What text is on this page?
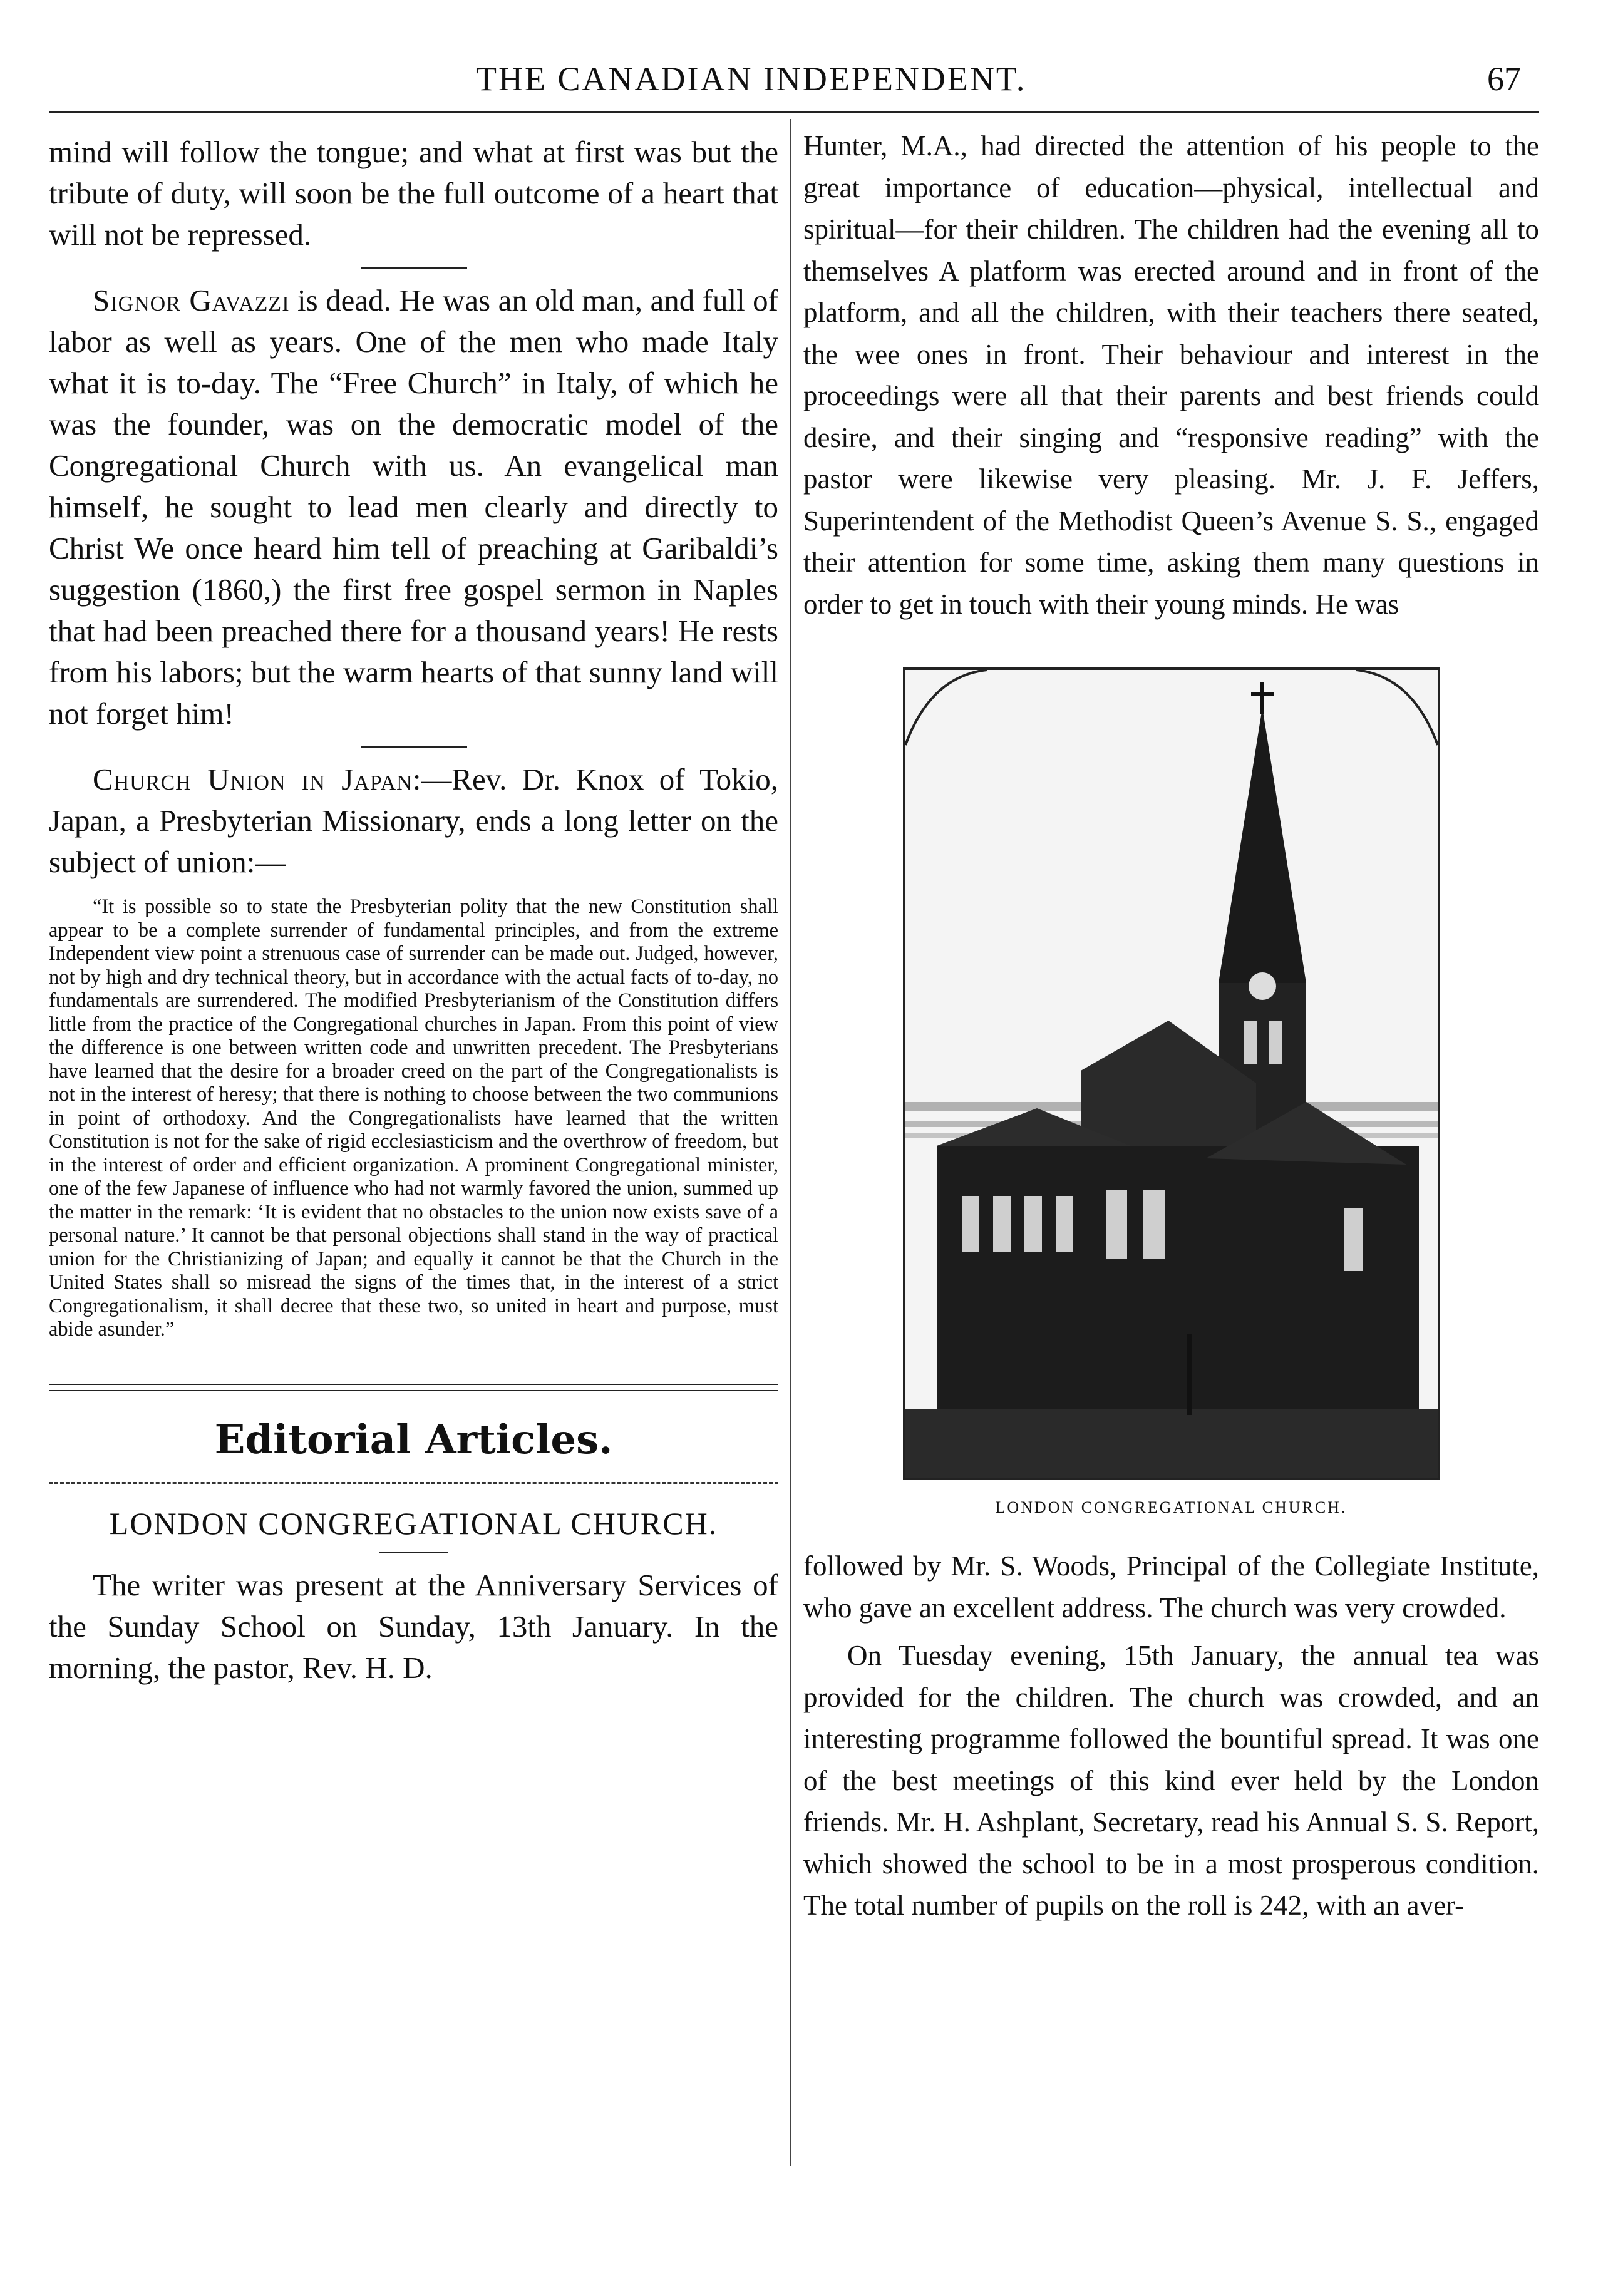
THE CANADIAN INDEPENDENT.	67

mind will follow the tongue; and what at first was but the tribute of duty, will soon be the full outcome of a heart that will not be repressed.

Signor Gavazzi is dead. He was an old man, and full of labor as well as years. One of the men who made Italy what it is to-day. The “Free Church” in Italy, of which he was the founder, was on the democratic model of the Congregational Church with us. An evangelical man himself, he sought to lead men clearly and directly to Christ We once heard him tell of preaching at Garibaldi’s suggestion (1860,) the first free gospel sermon in Naples that had been preached there for a thousand years! He rests from his labors; but the warm hearts of that sunny land will not forget him!

Church Union in Japan:—Rev. Dr. Knox of Tokio, Japan, a Presbyterian Missionary, ends a long letter on the subject of union:—

“It is possible so to state the Presbyterian polity that the new Constitution shall appear to be a complete surrender of fundamental principles, and from the extreme Independent view point a strenuous case of surrender can be made out. Judged, however, not by high and dry technical theory, but in accordance with the actual facts of to-day, no fundamentals are surrendered. The modified Presbyterianism of the Constitution differs little from the practice of the Congregational churches in Japan. From this point of view the difference is one between written code and unwritten precedent. The Presbyterians have learned that the desire for a broader creed on the part of the Congregationalists is not in the interest of heresy; that there is nothing to choose between the two communions in point of orthodoxy. And the Congregationalists have learned that the written Constitution is not for the sake of rigid ecclesiasticism and the overthrow of freedom, but in the interest of order and efficient organization. A prominent Congregational minister, one of the few Japanese of influence who had not warmly favored the union, summed up the matter in the remark: ‘It is evident that no obstacles to the union now exists save of a personal nature.’ It cannot be that personal objections shall stand in the way of practical union for the Christianizing of Japan; and equally it cannot be that the Church in the United States shall so misread the signs of the times that, in the interest of a strict Congregationalism, it shall decree that these two, so united in heart and purpose, must abide asunder.”

Editorial Articles.
LONDON CONGREGATIONAL CHURCH.

The writer was present at the Anniversary Services of the Sunday School on Sunday, 13th January. In the morning, the pastor, Rev. H. D.

Hunter, M.A., had directed the attention of his people to the great importance of education—physical, intellectual and spiritual—for their children. The children had the evening all to themselves A platform was erected around and in front of the platform, and all the children, with their teachers there seated, the wee ones in front. Their behaviour and interest in the proceedings were all that their parents and best friends could desire, and their singing and “responsive reading” with the pastor were likewise very pleasing. Mr. J. F. Jeffers, Superintendent of the Methodist Queen’s Avenue S. S., engaged their attention for some time, asking them many questions in order to get in touch with their young minds. He was

LONDON CONGREGATIONAL CHURCH.

followed by Mr. S. Woods, Principal of the Collegiate Institute, who gave an excellent address. The church was very crowded.

On Tuesday evening, 15th January, the annual tea was provided for the children. The church was crowded, and an interesting programme followed the bountiful spread. It was one of the best meetings of this kind ever held by the London friends. Mr. H. Ashplant, Secretary, read his Annual S. S. Report, which showed the school to be in a most prosperous condition. The total number of pupils on the roll is 242, with an aver-
